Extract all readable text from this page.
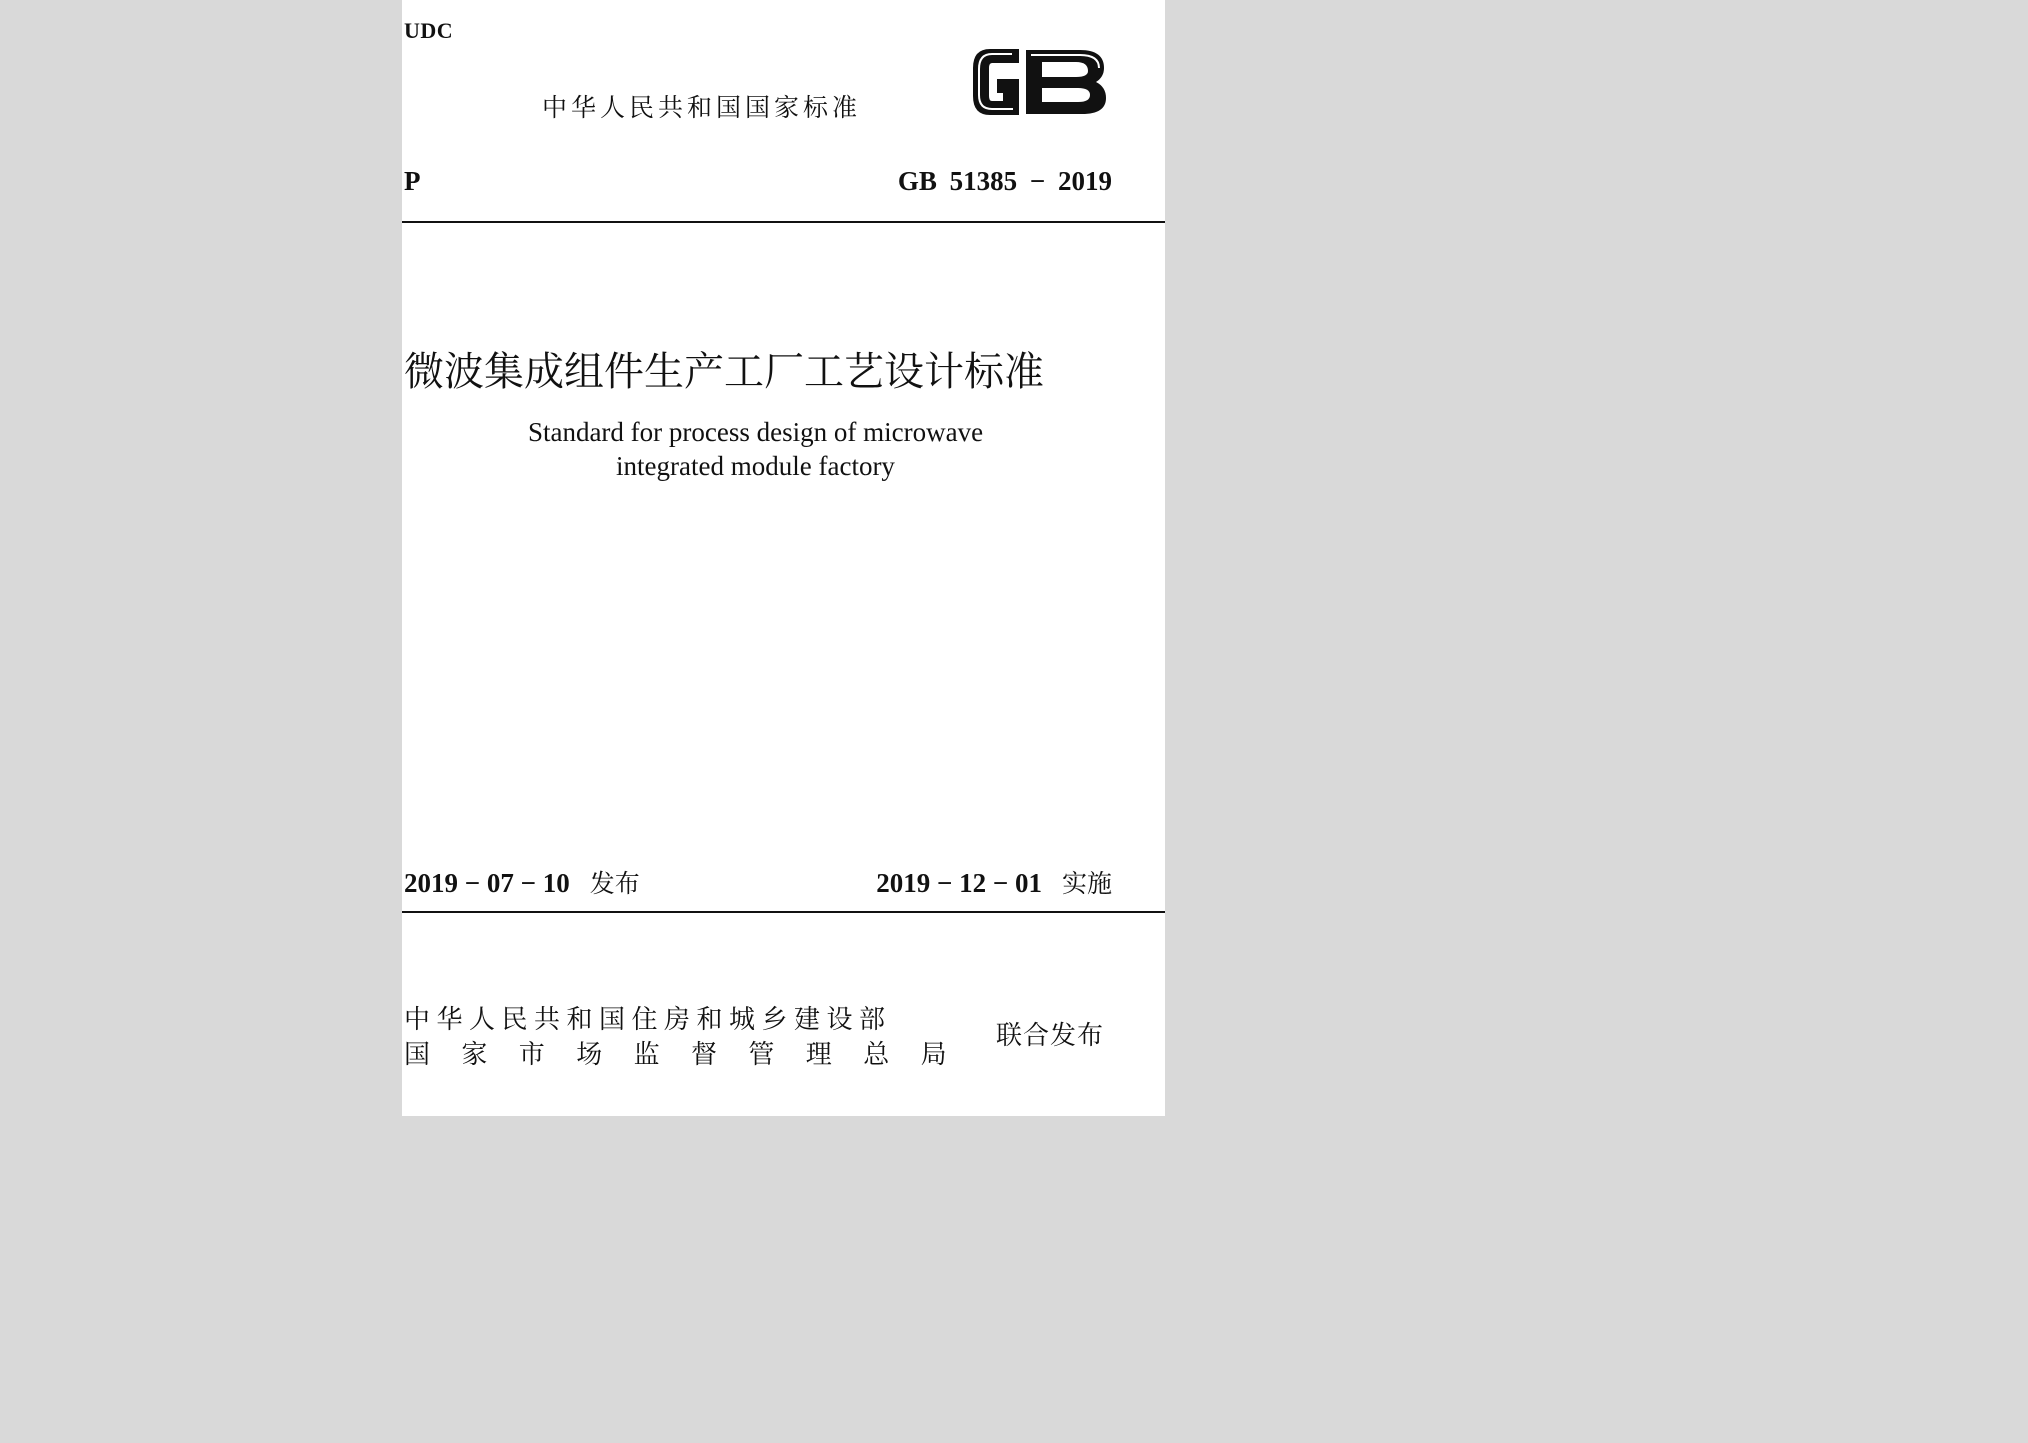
UDC
中华人民共和国国家标准
P	GB 51385 − 2019
微波集成组件生产工厂工艺设计标准
Standard for process design of microwave
integrated module factory
2019 − 07 − 10 发布	2019 − 12 − 01 实施
中华人民共和国住房和城乡建设部
国家市场监督管理总局
联合发布
